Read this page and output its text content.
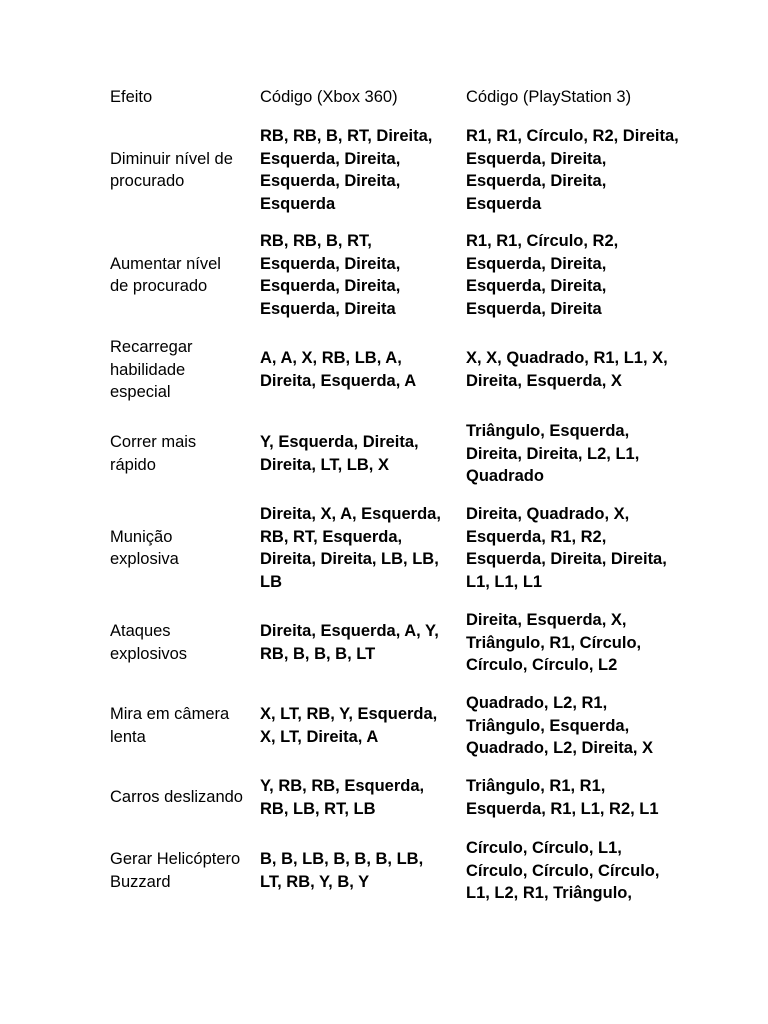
Efeito	Código (Xbox 360)	Código (PlayStation 3)
Diminuir nível de
procurado
RB, RB, B, RT, Direita,
Esquerda, Direita,
Esquerda, Direita,
Esquerda
R1, R1, Círculo, R2, Direita,
Esquerda, Direita,
Esquerda, Direita,
Esquerda
Aumentar nível
de procurado
RB, RB, B, RT,
Esquerda, Direita,
Esquerda, Direita,
Esquerda, Direita
R1, R1, Círculo, R2,
Esquerda, Direita,
Esquerda, Direita,
Esquerda, Direita
Recarregar
habilidade
especial
A, A, X, RB, LB, A,
Direita, Esquerda, A
X, X, Quadrado, R1, L1, X,
Direita, Esquerda, X
Correr mais
rápido
Y, Esquerda, Direita,
Direita, LT, LB, X
Triângulo, Esquerda,
Direita, Direita, L2, L1,
Quadrado
Munição
explosiva
Direita, X, A, Esquerda,
RB, RT, Esquerda,
Direita, Direita, LB, LB,
LB
Direita, Quadrado, X,
Esquerda, R1, R2,
Esquerda, Direita, Direita,
L1, L1, L1
Ataques
explosivos
Direita, Esquerda, A, Y,
RB, B, B, B, LT
Direita, Esquerda, X,
Triângulo, R1, Círculo,
Círculo, Círculo, L2
Mira em câmera
lenta
X, LT, RB, Y, Esquerda,
X, LT, Direita, A
Quadrado, L2, R1,
Triângulo, Esquerda,
Quadrado, L2, Direita, X
Carros deslizando
Y, RB, RB, Esquerda,
RB, LB, RT, LB
Triângulo, R1, R1,
Esquerda, R1, L1, R2, L1
Gerar Helicóptero
Buzzard
B, B, LB, B, B, B, LB,
LT, RB, Y, B, Y
Círculo, Círculo, L1,
Círculo, Círculo, Círculo,
L1, L2, R1, Triângulo,
